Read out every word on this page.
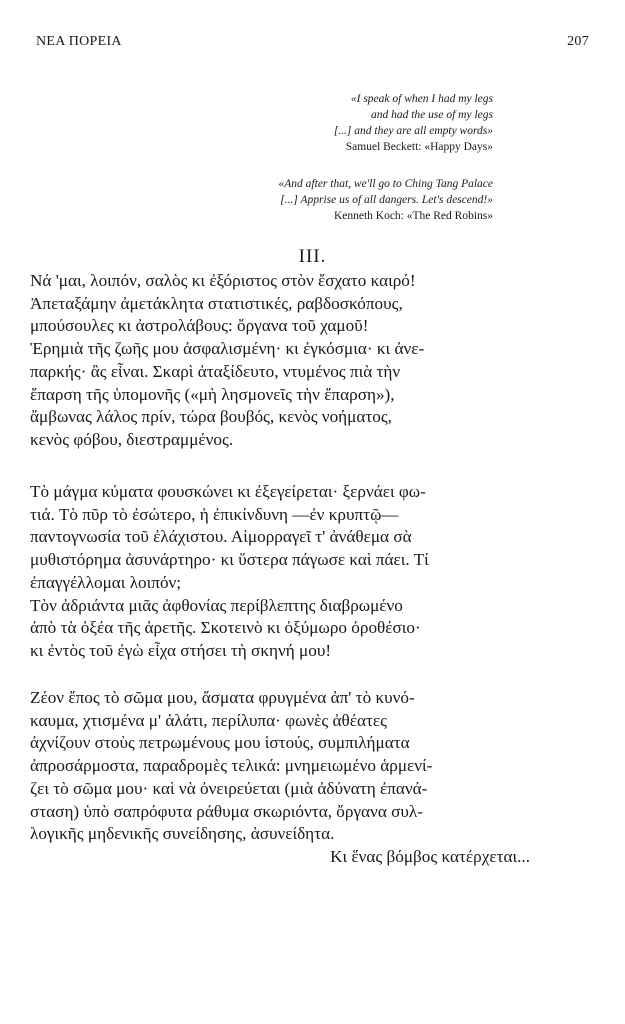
ΝΕΑ ΠΟΡΕΙΑ	207
«I speak of when I had my legs
and had the use of my legs
[...] and they are all empty words»
Samuel Beckett: «Happy Days»
«And after that, we'll go to Ching Tang Palace
[...] Apprise us of all dangers. Let's descend!»
Kenneth Koch: «The Red Robins»
III.
Νά 'μαι, λοιπόν, σαλὸς κι ἐξόριστος στὸν ἔσχατο καιρό!
Ἀπεταξάμην ἀμετάκλητα στατιστικές, ραβδοσκόπους,
μπούσουλες κι ἀστρολάβους: ὄργανα τοῦ χαμοῦ!
Ἐρημιὰ τῆς ζωῆς μου ἀσφαλισμένη· κι ἐγκόσμια· κι ἀνε-
παρκής· ἂς εἶναι. Σκαρὶ ἀταξίδευτο, ντυμένος πιὰ τὴν
ἔπαρση τῆς ὑπομονῆς («μὴ λησμονεῖς τὴν ἔπαρση»),
ἄμβωνας λάλος πρίν, τώρα βουβός, κενὸς νοήματος,
κενὸς φόβου, διεστραμμένος.
Τὸ μάγμα κύματα φουσκώνει κι ἐξεγείρεται· ξερνάει φω-
τιά. Τὸ πῦρ τὸ ἐσώτερο, ἡ ἐπικίνδυνη —ἐν κρυπτῷ—
παντογνωσία τοῦ ἐλάχιστου. Αἱμορραγεῖ τ' ἀνάθεμα σὰ
μυθιστόρημα ἀσυνάρτηρο· κι ὕστερα πάγωσε καὶ πάει. Τί
ἐπαγγέλλομαι λοιπόν;
Τὸν ἀδριάντα μιᾶς ἀφθονίας περίβλεπτης διαβρωμένο
ἀπὸ τὰ ὀξέα τῆς ἀρετῆς. Σκοτεινὸ κι ὀξύμωρο ὀροθέσιο·
κι ἐντὸς τοῦ ἐγὼ εἶχα στήσει τὴ σκηνή μου!
Ζέον ἔπος τὸ σῶμα μου, ἄσματα φρυγμένα ἀπ' τὸ κυνό-
καυμα, χτισμένα μ' ἁλάτι, περίλυπα· φωνὲς ἀθέατες
ἀχνίζουν στοὺς πετρωμένους μου ἱστούς, συμπιλήματα
ἀπροσάρμοστα, παραδρομὲς τελικά: μνημειωμένο ἁρμενί-
ζει τὸ σῶμα μου· καὶ νὰ ὀνειρεύεται (μιὰ ἀδύνατη ἐπανά-
σταση) ὑπὸ σαπρόφυτα ράθυμα σκωριόντα, ὄργανα συλ-
λογικῆς μηδενικῆς συνείδησης, ἀσυνείδητα.
Κι ἕνας βόμβος κατέρχεται...
